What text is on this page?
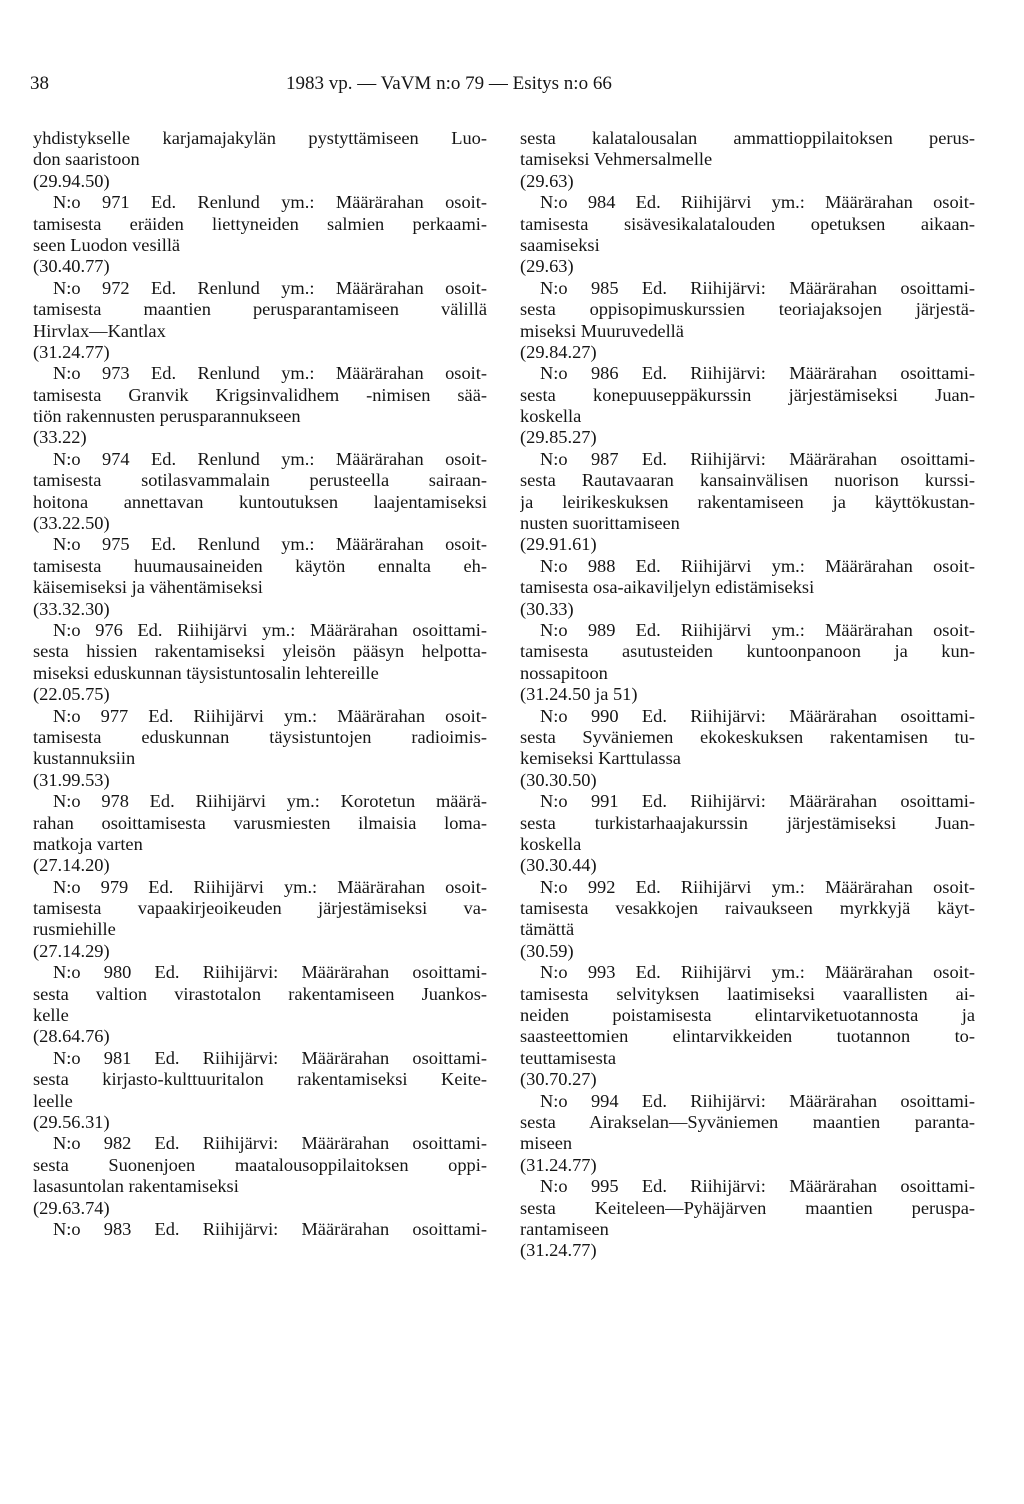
38	1983 vp. — VaVM n:o 79 — Esitys n:o 66
yhdistykselle karjamajakylän pystyttämiseen Luo-
don saaristoon
(29.94.50)
N:o 971 Ed. Renlund ym.: Määrärahan osoit-
tamisesta eräiden liettyneiden salmien perkaami-
seen Luodon vesillä
(30.40.77)
N:o 972 Ed. Renlund ym.: Määrärahan osoit-
tamisesta maantien perusparantamiseen välillä
Hirvlax—Kantlax
(31.24.77)
N:o 973 Ed. Renlund ym.: Määrärahan osoit-
tamisesta Granvik Krigsinvalidhem -nimisen sää-
tiön rakennusten perusparannukseen
(33.22)
N:o 974 Ed. Renlund ym.: Määrärahan osoit-
tamisesta sotilasvammalain perusteella sairaan-
hoitona annettavan kuntoutuksen laajentamiseksi
(33.22.50)
N:o 975 Ed. Renlund ym.: Määrärahan osoit-
tamisesta huumausaineiden käytön ennalta eh-
käisemiseksi ja vähentämiseksi
(33.32.30)
N:o 976 Ed. Riihijärvi ym.: Määrärahan osoittami-
sesta hissien rakentamiseksi yleisön pääsyn helpotta-
miseksi eduskunnan täysistuntosalin lehtereille
(22.05.75)
N:o 977 Ed. Riihijärvi ym.: Määrärahan osoit-
tamisesta eduskunnan täysistuntojen radioimis-
kustannuksiin
(31.99.53)
N:o 978 Ed. Riihijärvi ym.: Korotetun määrä-
rahan osoittamisesta varusmiesten ilmaisia loma-
matkoja varten
(27.14.20)
N:o 979 Ed. Riihijärvi ym.: Määrärahan osoit-
tamisesta vapaakirjeoikeuden järjestämiseksi va-
rusmiehille
(27.14.29)
N:o 980 Ed. Riihijärvi: Määrärahan osoittami-
sesta valtion virastotalon rakentamiseen Juankos-
kelle
(28.64.76)
N:o 981 Ed. Riihijärvi: Määrärahan osoittami-
sesta kirjasto-kulttuuritalon rakentamiseksi Keite-
leelle
(29.56.31)
N:o 982 Ed. Riihijärvi: Määrärahan osoittami-
sesta Suonenjoen maatalousoppilaitoksen oppi-
lasasuntolan rakentamiseksi
(29.63.74)
N:o 983 Ed. Riihijärvi: Määrärahan osoittami-
sesta kalatalousalan ammattioppilaitoksen perus-
tamiseksi Vehmersalmelle
(29.63)
N:o 984 Ed. Riihijärvi ym.: Määrärahan osoit-
tamisesta sisävesikalatalouden opetuksen aikaan-
saamiseksi
(29.63)
N:o 985 Ed. Riihijärvi: Määrärahan osoittami-
sesta oppisopimuskurssien teoriajaksojen järjestä-
miseksi Muuruvedellä
(29.84.27)
N:o 986 Ed. Riihijärvi: Määrärahan osoittami-
sesta konepuuseppäkurssin järjestämiseksi Juan-
koskella
(29.85.27)
N:o 987 Ed. Riihijärvi: Määrärahan osoittami-
sesta Rautavaaran kansainvälisen nuorison kurssi-
ja leirikeskuksen rakentamiseen ja käyttökustan-
nusten suorittamiseen
(29.91.61)
N:o 988 Ed. Riihijärvi ym.: Määrärahan osoit-
tamisesta osa-aikaviljelyn edistämiseksi
(30.33)
N:o 989 Ed. Riihijärvi ym.: Määrärahan osoit-
tamisesta asutusteiden kuntoonpanoon ja kun-
nossapitoon
(31.24.50 ja 51)
N:o 990 Ed. Riihijärvi: Määrärahan osoittami-
sesta Syväniemen ekokeskuksen rakentamisen tu-
kemiseksi Karttulassa
(30.30.50)
N:o 991 Ed. Riihijärvi: Määrärahan osoittami-
sesta turkistarhaajakurssin järjestämiseksi Juan-
koskella
(30.30.44)
N:o 992 Ed. Riihijärvi ym.: Määrärahan osoit-
tamisesta vesakkojen raivaukseen myrkkyjä käyt-
tämättä
(30.59)
N:o 993 Ed. Riihijärvi ym.: Määrärahan osoit-
tamisesta selvityksen laatimiseksi vaarallisten ai-
neiden poistamisesta elintarviketuotannosta ja
saasteettomien elintarvikkeiden tuotannon to-
teuttamisesta
(30.70.27)
N:o 994 Ed. Riihijärvi: Määrärahan osoittami-
sesta Airakselan—Syväniemen maantien paranta-
miseen
(31.24.77)
N:o 995 Ed. Riihijärvi: Määrärahan osoittami-
sesta Keiteleen—Pyhäjärven maantien peruspa-
rantamiseen
(31.24.77)
